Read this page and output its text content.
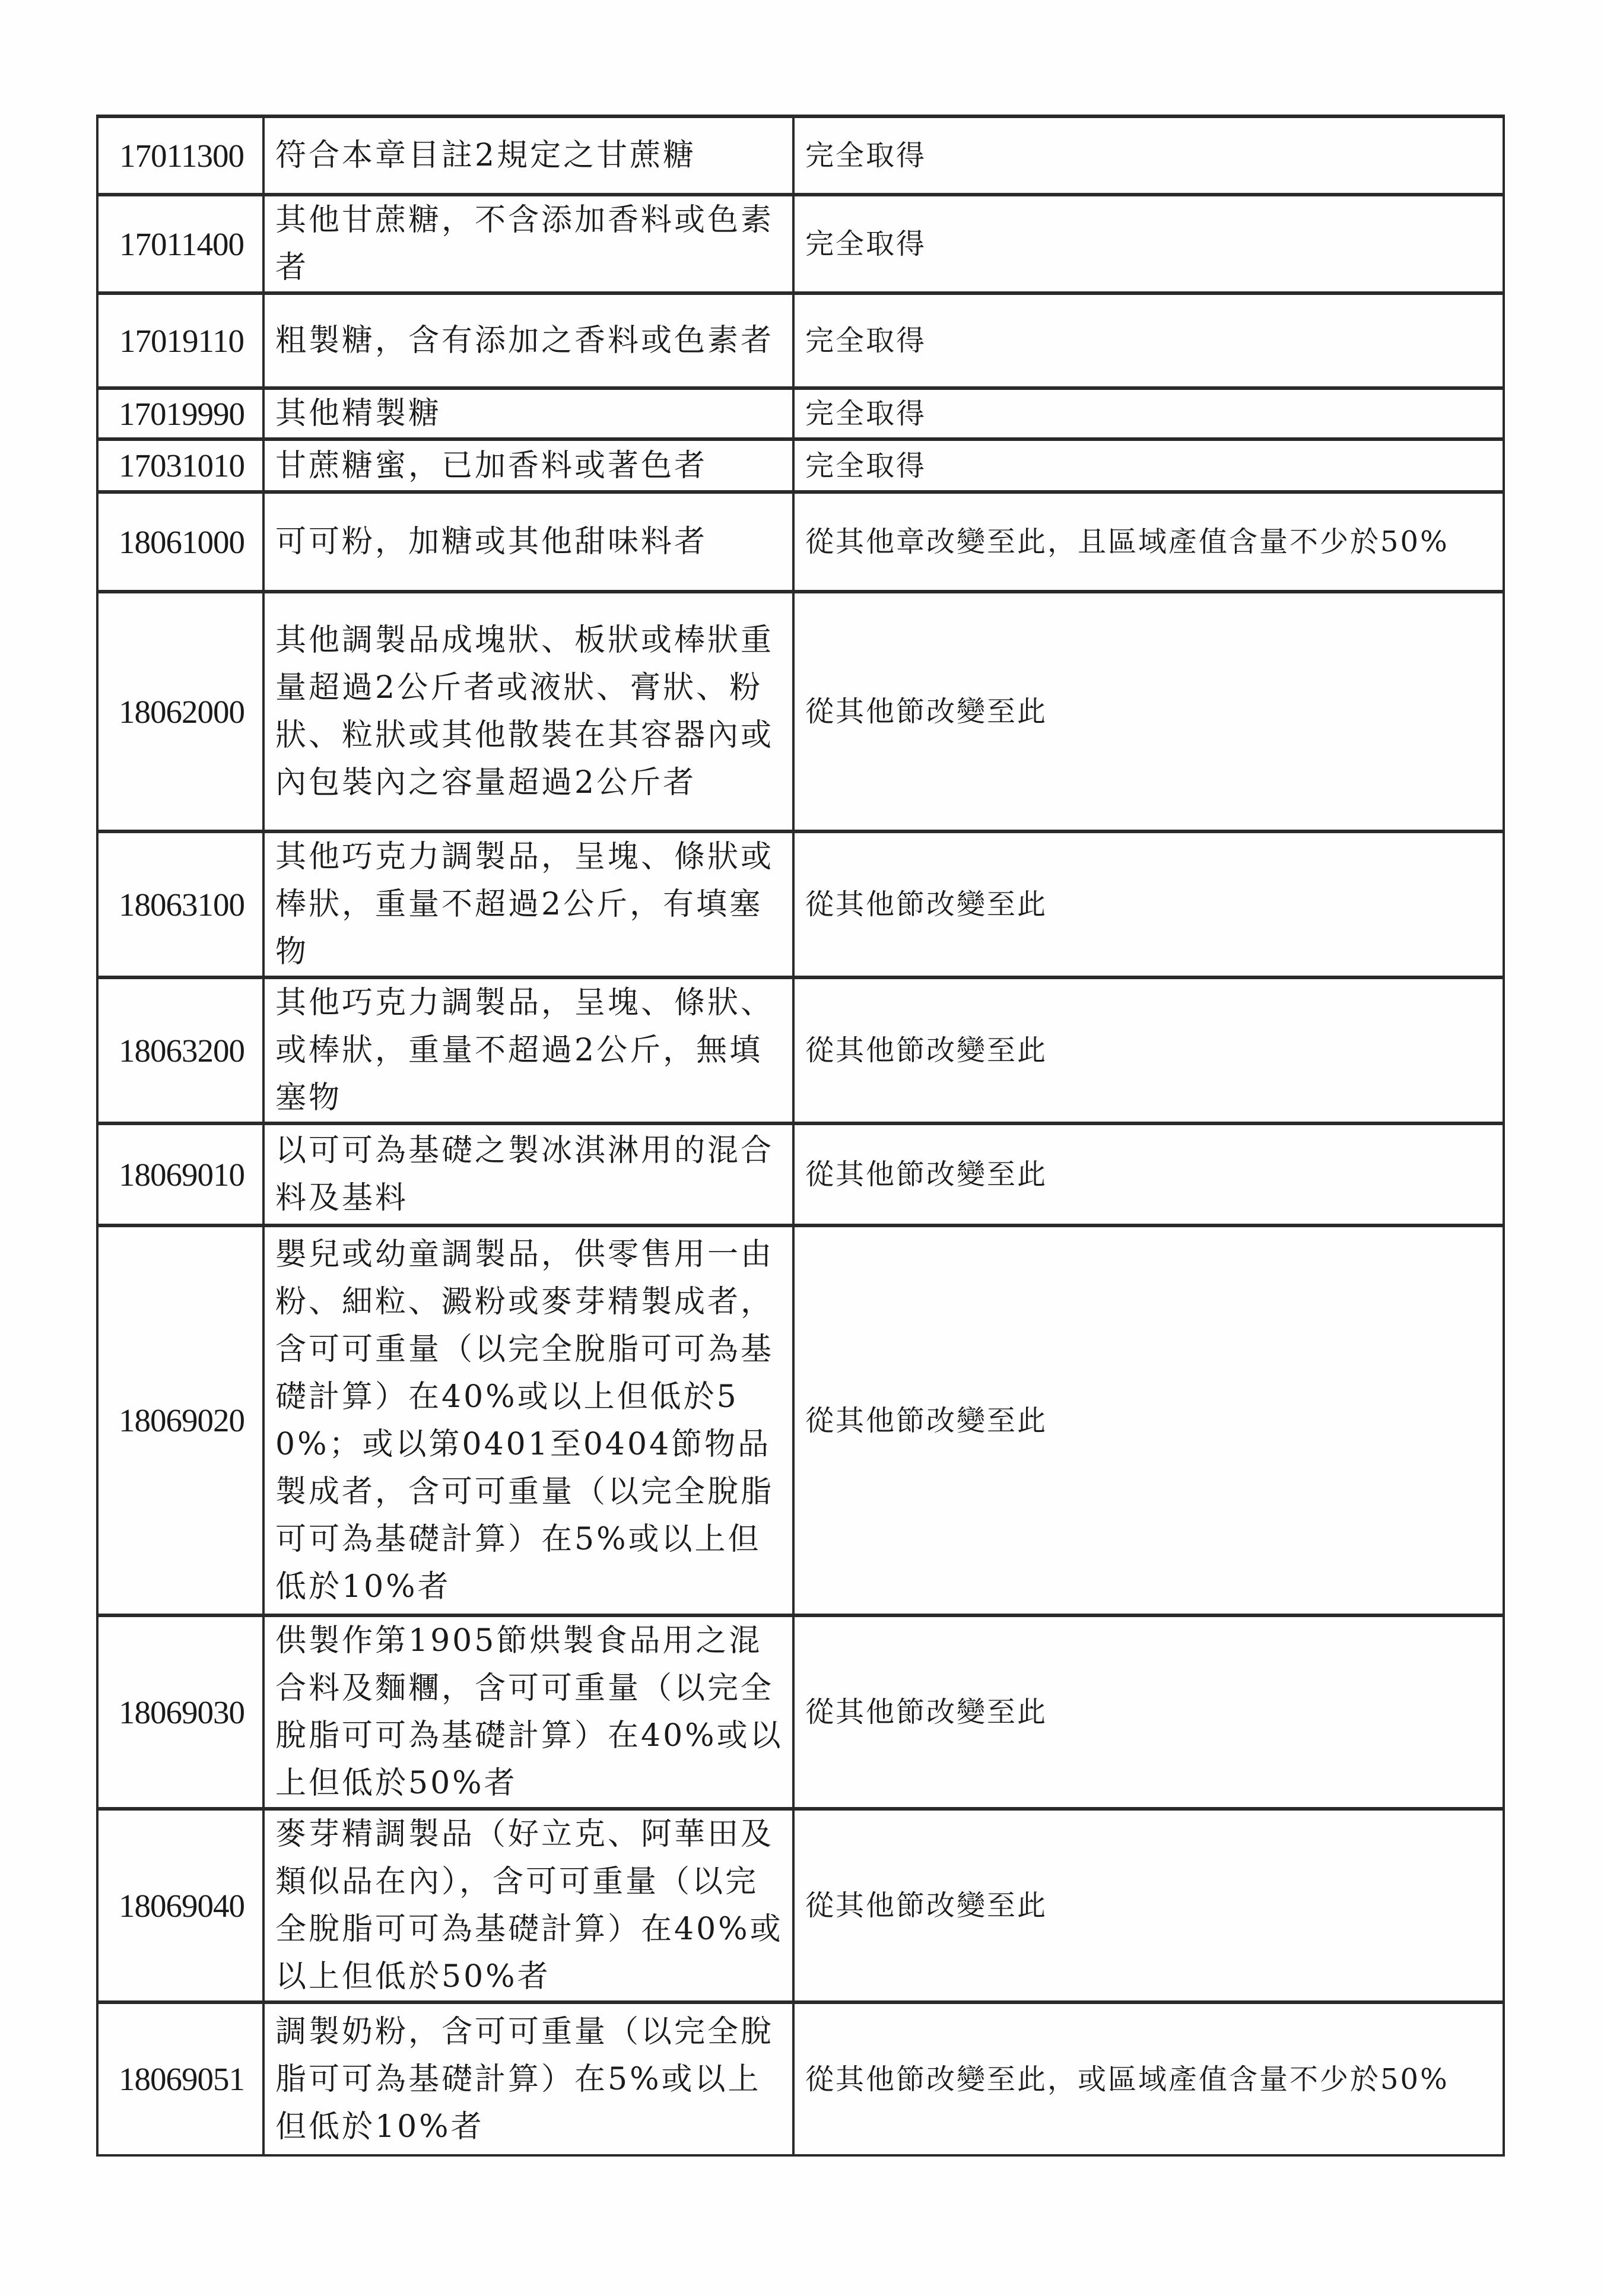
17011300	符合本章目註2規定之甘蔗糖	完全取得
17011400	其他甘蔗糖，不含添加香料或色素者	完全取得
17019110	粗製糖，含有添加之香料或色素者	完全取得
17019990	其他精製糖	完全取得
17031010	甘蔗糖蜜，已加香料或著色者	完全取得
18061000	可可粉，加糖或其他甜味料者	從其他章改變至此，且區域產值含量不少於50%
18062000	其他調製品成塊狀、板狀或棒狀重量超過2公斤者或液狀、膏狀、粉狀、粒狀或其他散裝在其容器內或內包裝內之容量超過2公斤者	從其他節改變至此
18063100	其他巧克力調製品，呈塊、條狀或棒狀，重量不超過2公斤，有填塞物	從其他節改變至此
18063200	其他巧克力調製品，呈塊、條狀、或棒狀，重量不超過2公斤，無填塞物	從其他節改變至此
18069010	以可可為基礎之製冰淇淋用的混合料及基料	從其他節改變至此
18069020	嬰兒或幼童調製品，供零售用一由粉、細粒、澱粉或麥芽精製成者，含可可重量（以完全脫脂可可為基礎計算）在40%或以上但低於50%；或以第0401至0404節物品製成者，含可可重量（以完全脫脂可可為基礎計算）在5%或以上但低於10%者	從其他節改變至此
18069030	供製作第1905節烘製食品用之混合料及麵糰，含可可重量（以完全脫脂可可為基礎計算）在40%或以上但低於50%者	從其他節改變至此
18069040	麥芽精調製品（好立克、阿華田及類似品在內），含可可重量（以完全脫脂可可為基礎計算）在40%或以上但低於50%者	從其他節改變至此
18069051	調製奶粉，含可可重量（以完全脫脂可可為基礎計算）在5%或以上但低於10%者	從其他節改變至此，或區域產值含量不少於50%
